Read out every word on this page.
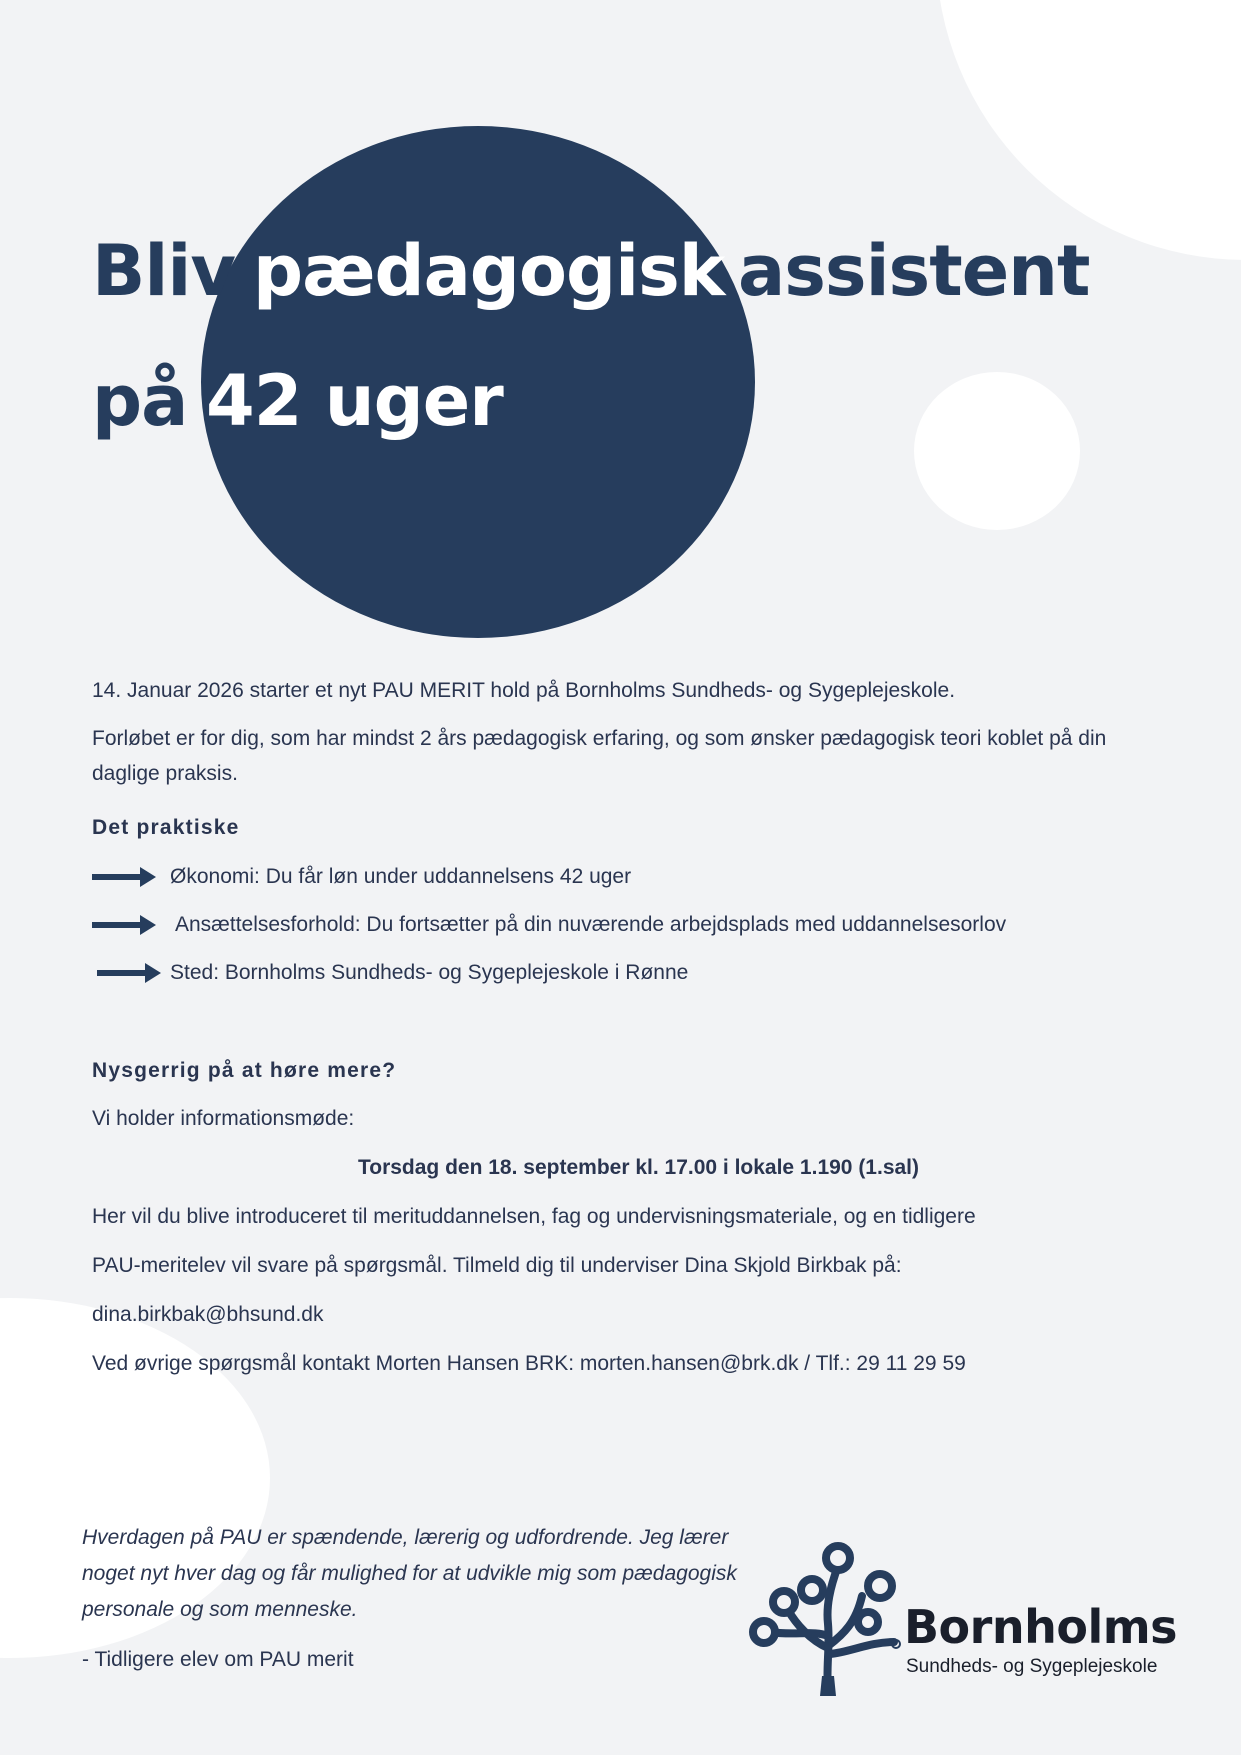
Bliv pædagogisk assistent
på 42 uger
14. Januar 2026 starter et nyt PAU MERIT hold på Bornholms Sundheds- og Sygeplejeskole.
Forløbet er for dig, som har mindst 2 års pædagogisk erfaring, og som ønsker pædagogisk teori koblet på din daglige praksis.
Det praktiske
Økonomi: Du får løn under uddannelsens 42 uger
Ansættelsesforhold: Du fortsætter på din nuværende arbejdsplads med uddannelsesorlov
Sted: Bornholms Sundheds- og Sygeplejeskole i Rønne
Nysgerrig på at høre mere?
Vi holder informationsmøde:
Torsdag den 18. september kl. 17.00 i lokale 1.190 (1.sal)
Her vil du blive introduceret til merituddannelsen, fag og undervisningsmateriale, og en tidligere
PAU-meritelev vil svare på spørgsmål. Tilmeld dig til underviser Dina Skjold Birkbak på:
dina.birkbak@bhsund.dk
Ved øvrige spørgsmål kontakt Morten Hansen BRK: morten.hansen@brk.dk / Tlf.: 29 11 29 59
Hverdagen på PAU er spændende, lærerig og udfordrende. Jeg lærer noget nyt hver dag og får mulighed for at udvikle mig som pædagogisk personale og som menneske.
- Tidligere elev om PAU merit
Bornholms
Sundheds- og Sygeplejeskole
